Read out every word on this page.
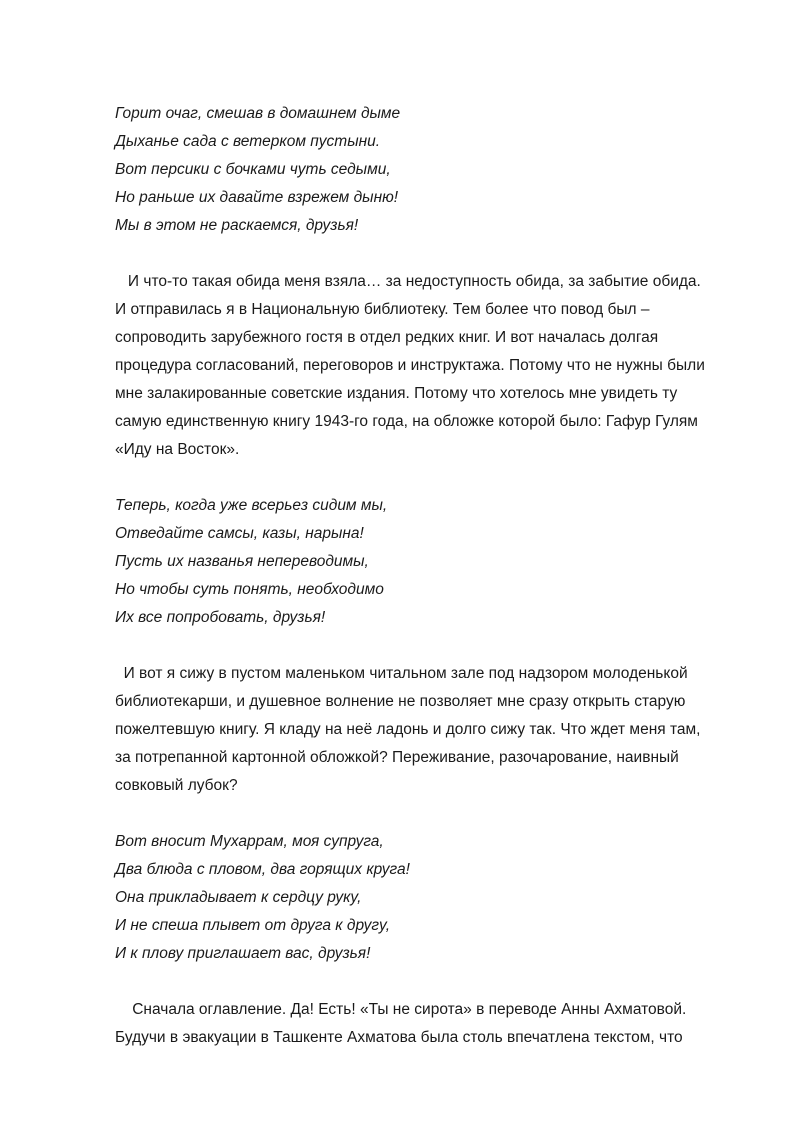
Горит очаг, смешав в домашнем дыме
Дыханье сада с ветерком пустыни.
Вот персики с бочками чуть седыми,
Но раньше их давайте взрежем дыню!
Мы в этом не раскаемся, друзья!
И что-то такая обида меня взяла… за недоступность обида, за забытие обида.
И отправилась я в Национальную библиотеку. Тем более что повод был –
сопроводить зарубежного гостя в отдел редких книг. И вот началась долгая
процедура согласований, переговоров и инструктажа. Потому что не нужны были
мне залакированные советские издания. Потому что хотелось мне увидеть ту
самую единственную книгу 1943-го года, на обложке которой было: Гафур Гулям
«Иду на Восток».
Теперь, когда уже всерьез сидим мы,
Отведайте самсы, казы, нарына!
Пусть их названья непереводимы,
Но чтобы суть понять, необходимо
Их все попробовать, друзья!
И вот я сижу в пустом маленьком читальном зале под надзором молоденькой
библиотекарши, и душевное волнение не позволяет мне сразу открыть старую
пожелтевшую книгу. Я кладу на неё ладонь и долго сижу так. Что ждет меня там,
за потрепанной картонной обложкой? Переживание, разочарование, наивный
совковый лубок?
Вот вносит Мухаррам, моя супруга,
Два блюда с пловом, два горящих круга!
Она прикладывает к сердцу руку,
И не спеша плывет от друга к другу,
И к плову приглашает вас, друзья!
Сначала оглавление. Да! Есть! «Ты не сирота» в переводе Анны Ахматовой.
Будучи в эвакуации в Ташкенте Ахматова была столь впечатлена текстом, что
